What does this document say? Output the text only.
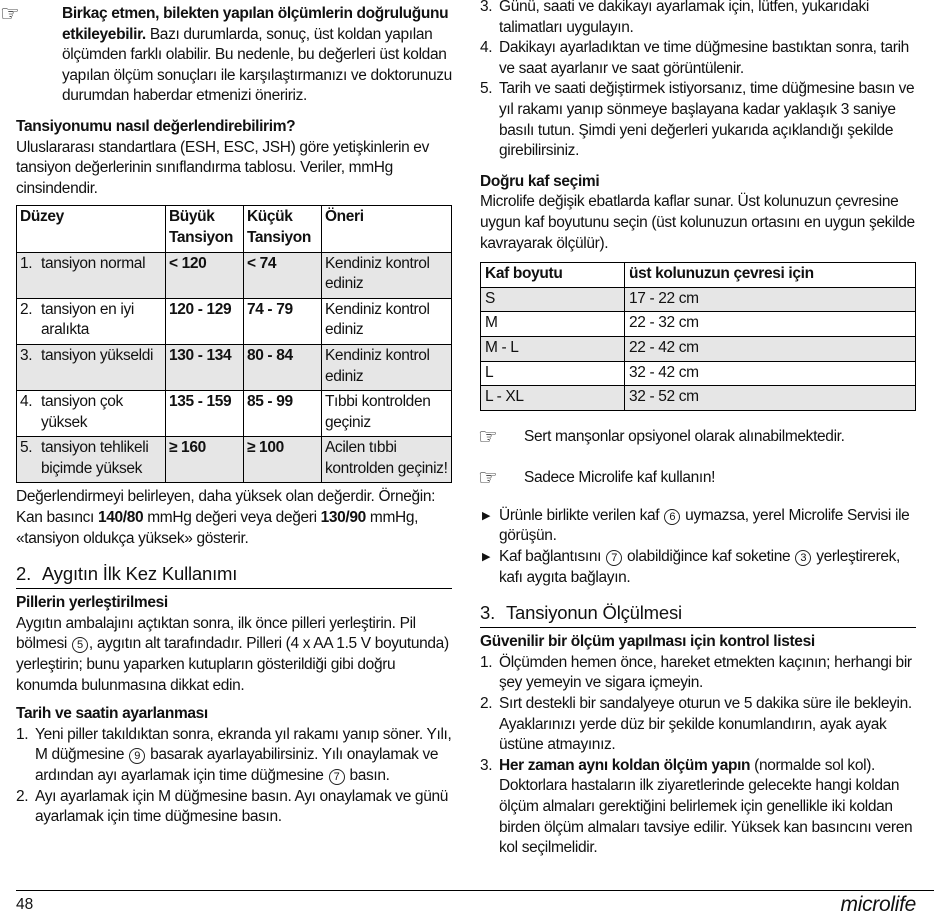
☞	Birkaç etmen, bilekten yapılan ölçümlerin doğruluğunu etkileyebilir. Bazı durumlarda, sonuç, üst koldan yapılan ölçümden farklı olabilir. Bu nedenle, bu değerleri üst koldan yapılan ölçüm sonuçları ile karşılaştırmanızı ve doktorunuzu durumdan haberdar etmenizi öneririz.

Tansiyonumu nasıl değerlendirebilirim?

Uluslararası standartlara (ESH, ESC, JSH) göre yetişkinlerin ev tansiyon değerlerinin sınıflandırma tablosu. Veriler, mmHg cinsindendir.

Düzey		Büyük Tansiyon	Küçük Tansiyon	Öneri
1.	tansiyon normal	< 120	< 74	Kendiniz kontrol ediniz
2.	tansiyon en iyi aralıkta	120 - 129	74 - 79	Kendiniz kontrol ediniz
3.	tansiyon yükseldi	130 - 134	80 - 84	Kendiniz kontrol ediniz
4.	tansiyon çok yüksek	135 - 159	85 - 99	Tıbbi kontrolden geçiniz
5.	tansiyon tehlikeli biçimde yüksek	≥ 160	≥ 100	Acilen tıbbi kontrolden geçiniz!

Değerlendirmeyi belirleyen, daha yüksek olan değerdir. Örneğin: Kan basıncı 140/80 mmHg değeri veya değeri 130/90 mmHg, «tansiyon oldukça yüksek» gösterir.

2. Aygıtın İlk Kez Kullanımı

Pillerin yerleştirilmesi

Aygıtın ambalajını açtıktan sonra, ilk önce pilleri yerleştirin. Pil bölmesi 5 , aygıtın alt tarafındadır. Pilleri (4 x AA 1.5 V boyutunda) yerleştirin; bunu yaparken kutupların gösterildiği gibi doğru konumda bulunmasına dikkat edin.

Tarih ve saatin ayarlanması

1. Yeni piller takıldıktan sonra, ekranda yıl rakamı yanıp söner. Yılı, M düğmesine 9 basarak ayarlayabilirsiniz. Yılı onaylamak ve ardından ayı ayarlamak için time düğmesine 7 basın.
2. Ayı ayarlamak için M düğmesine basın. Ayı onaylamak ve günü ayarlamak için time düğmesine basın.
3. Günü, saati ve dakikayı ayarlamak için, lütfen, yukarıdaki talimatları uygulayın.
4. Dakikayı ayarladıktan ve time düğmesine bastıktan sonra, tarih ve saat ayarlanır ve saat görüntülenir.
5. Tarih ve saati değiştirmek istiyorsanız, time düğmesine basın ve yıl rakamı yanıp sönmeye başlayana kadar yaklaşık 3 saniye basılı tutun. Şimdi yeni değerleri yukarıda açıklandığı şekilde girebilirsiniz.

Doğru kaf seçimi

Microlife değişik ebatlarda kaflar sunar. Üst kolunuzun çevresine uygun kaf boyutunu seçin (üst kolunuzun ortasını en uygun şekilde kavrayarak ölçülür).

Kaf boyutu	üst kolunuzun çevresi için
S	17 - 22 cm
M	22 - 32 cm
M - L	22 - 42 cm
L	32 - 42 cm
L - XL	32 - 52 cm
☞ Sert manşonlar opsiyonel olarak alınabilmektedir.
☞ Sadece Microlife kaf kullanın!
▶ Ürünle birlikte verilen kaf 6 uymazsa, yerel Microlife Servisi ile görüşün.
▶ Kaf bağlantısını 7 olabildiğince kaf soketine 3 yerleştirerek, kafı aygıta bağlayın.
3. Tansiyonun Ölçülmesi

Güvenilir bir ölçüm yapılması için kontrol listesi

1. Ölçümden hemen önce, hareket etmekten kaçının; herhangi bir şey yemeyin ve sigara içmeyin.
2. Sırt destekli bir sandalyeye oturun ve 5 dakika süre ile bekleyin. Ayaklarınızı yerde düz bir şekilde konumlandırın, ayak ayak üstüne atmayınız.
3. Her zaman aynı koldan ölçüm yapın (normalde sol kol). Doktorlara hastaların ilk ziyaretlerinde gelecekte hangi koldan ölçüm almaları gerektiğini belirlemek için genellikle iki koldan birden ölçüm almaları tavsiye edilir. Yüksek kan basıncını veren kol seçilmelidir.
48	microlife
